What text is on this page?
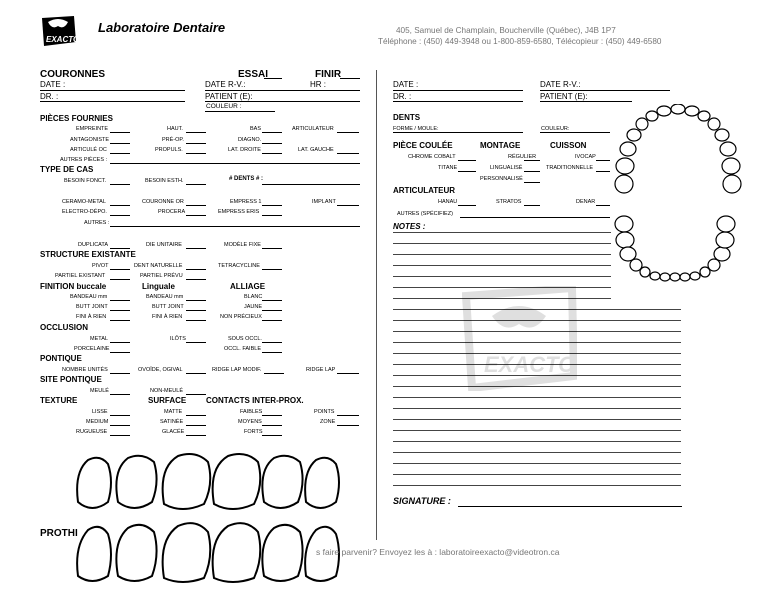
EXACTO
Laboratoire Dentaire	405, Samuel de Champlain, Boucherville (Québec), J4B 1P7
Téléphone : (450) 449-3948 ou 1-800-859-6580, Télécopieur : (450) 449-6580
COURONNES	ESSAI	FINIR
DATE :	DATE R-V.:	HR :
DR. :	PATIENT (E):
COULEUR :
PIÈCES FOURNIES
EMPREINTE	HAUT.	BAS	ARTICULATEUR
ANTAGONISTE	PRÉ-OP.	DIAGNO.
ARTICULÉ OC	PROPULS.	LAT. DROITE	LAT. GAUCHE
AUTRES PIÈCES :
TYPE DE CAS
BESOIN FONCT.	BESOIN ESTH.	# DENTS # :
CERAMO-METAL	COURONNE OR	EMPRESS 1	IMPLANT
ELECTRO-DÉPO.	PROCERA	EMPRESS ERIS
AUTRES :
DUPLICATA	DIE UNITAIRE	MODÈLE FIXE
STRUCTURE EXISTANTE
PIVOT	DENT NATURELLE	TETRACYCLINE
PARTIEL EXISTANT	PARTIEL PRÉVU
FINITION buccale	Linguale	ALLIAGE
BANDEAU mm	BANDEAU mm	BLANC
BUTT JOINT	BUTT JOINT	JAUNE
FINI À RIEN	FINI À RIEN	NON PRÉCIEUX
OCCLUSION
METAL	ILÔTS	SOUS OCCL.
PORCELAINE	OCCL. FAIBLE
PONTIQUE
NOMBRE UNITÉS	OVOÏDE, OGIVAL	RIDGE LAP MODIF.	RIDGE LAP
SITE PONTIQUE
MEULÉ	NON-MEULÉ
TEXTURE	SURFACE CONTACTS INTER-PROX.
LISSE	MATTE	FAIBLES	POINTS
MEDIUM	SATINÉE	MOYENS	ZONE
RUGUEUSE	GLACÉE	FORTS
PROTHI
DATE :	DATE R-V.:
DR. :	PATIENT (E):
DENTS
FORME / MOULE:	COULEUR:
PIÈCE COULÉE	MONTAGE	CUISSON
CHROME COBALT	RÉGULIER	IVOCAP
TITANE	LINGUALISÉ	TRADITIONNELLE
PERSONNALISÉ
ARTICULATEUR
HANAU	STRATOS	DENAR
AUTRES (SPÉCIFIEZ)
NOTES :
EXACTO
SIGNATURE :
s faire parvenir? Envoyez les à : laboratoireexacto@videotron.ca
